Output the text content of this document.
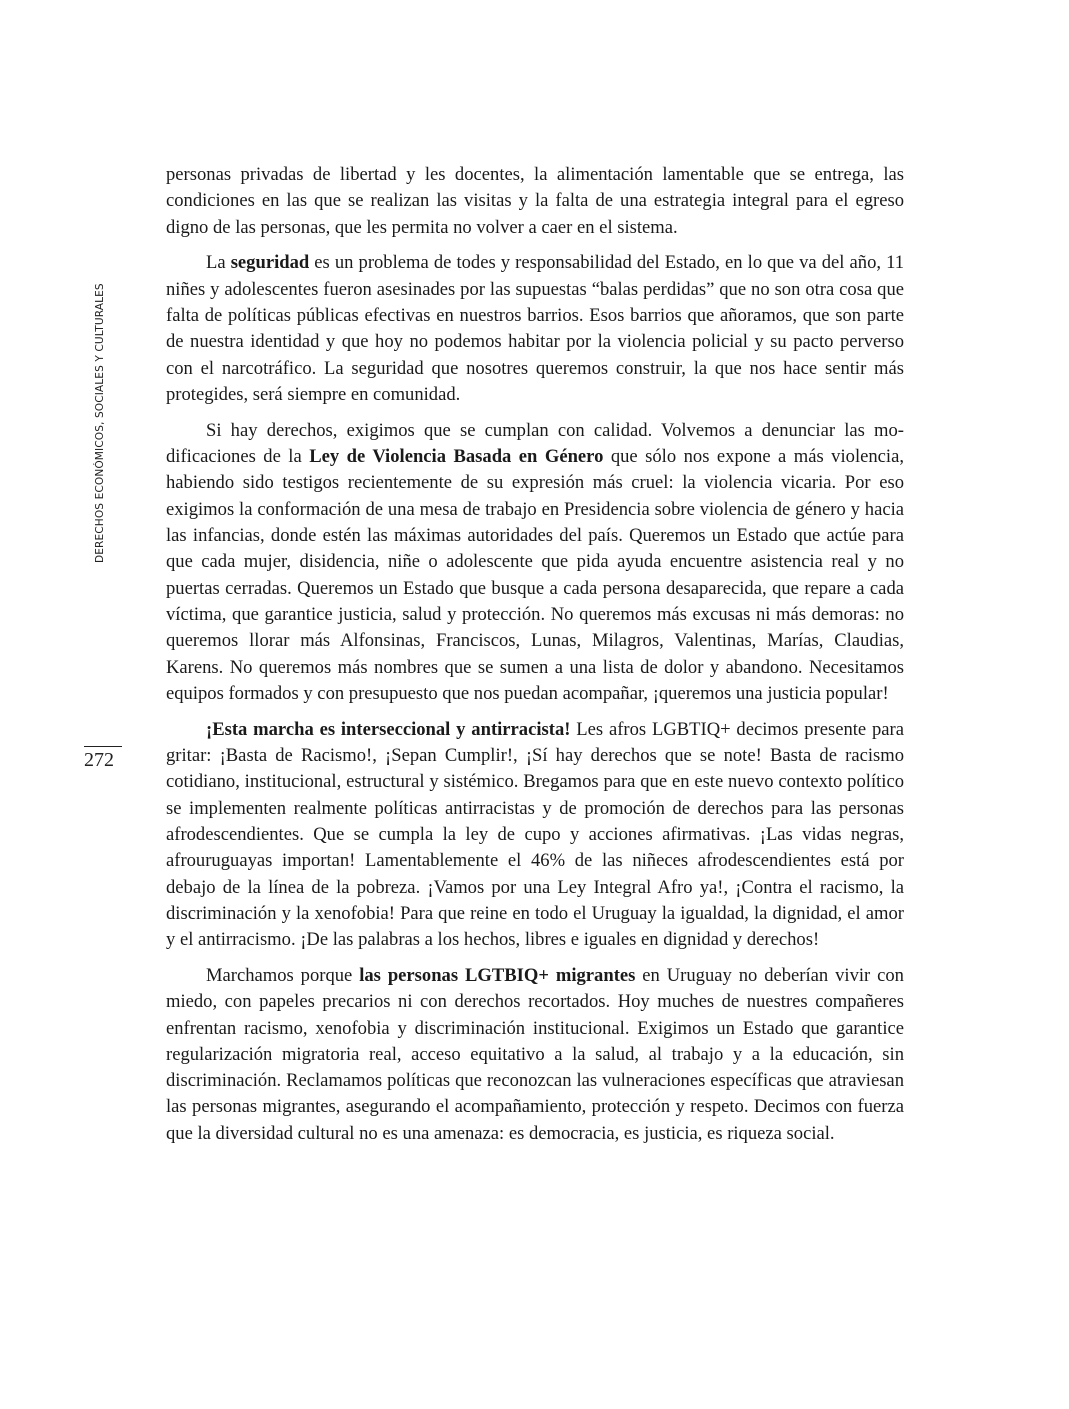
DERECHOS ECONÓMICOS, SOCIALES Y CULTURALES
272

personas privadas de libertad y les docentes, la alimentación lamentable que se entrega, las condiciones en las que se realizan las visitas y la falta de una estrategia integral para el egreso digno de las personas, que les permita no volver a caer en el sistema.

La seguridad es un problema de todes y responsabilidad del Estado, en lo que va del año, 11 niñes y adolescentes fueron asesinades por las supuestas “balas perdidas” que no son otra cosa que falta de políticas públicas efectivas en nuestros barrios. Esos barrios que añoramos, que son parte de nuestra identidad y que hoy no podemos habitar por la violencia policial y su pacto perverso con el narcotráfico. La seguridad que nosotres queremos construir, la que nos hace sentir más protegides, será siempre en comunidad.

Si hay derechos, exigimos que se cumplan con calidad. Volvemos a denunciar las modificaciones de la Ley de Violencia Basada en Género que sólo nos expone a más violencia, habiendo sido testigos recientemente de su expresión más cruel: la violencia vicaria. Por eso exigimos la conformación de una mesa de trabajo en Presidencia sobre violencia de género y hacia las infancias, donde estén las máximas autoridades del país. Queremos un Estado que actúe para que cada mujer, disidencia, niñe o adolescente que pida ayuda encuentre asistencia real y no puertas cerradas. Queremos un Estado que busque a cada persona desaparecida, que repare a cada víctima, que garantice justicia, salud y protección. No queremos más excusas ni más demoras: no queremos llorar más Alfonsinas, Franciscos, Lunas, Milagros, Valentinas, Marías, Claudias, Karens. No queremos más nombres que se sumen a una lista de dolor y abandono. Necesitamos equipos formados y con presupuesto que nos puedan acompañar, ¡queremos una justicia popular!

¡Esta marcha es interseccional y antirracista! Les afros LGBTIQ+ decimos presente para gritar: ¡Basta de Racismo!, ¡Sepan Cumplir!, ¡Sí hay derechos que se note! Basta de racismo cotidiano, institucional, estructural y sistémico. Bregamos para que en este nuevo contexto político se implementen realmente políticas antirracistas y de promoción de derechos para las personas afrodescendientes. Que se cumpla la ley de cupo y acciones afirmativas. ¡Las vidas negras, afrouruguayas importan! Lamentablemente el 46% de las niñeces afrodescendientes está por debajo de la línea de la pobreza. ¡Vamos por una Ley Integral Afro ya!, ¡Contra el racismo, la discriminación y la xenofobia! Para que reine en todo el Uruguay la igualdad, la dignidad, el amor y el antirracismo. ¡De las palabras a los hechos, libres e iguales en dignidad y derechos!

Marchamos porque las personas LGTBIQ+ migrantes en Uruguay no deberían vivir con miedo, con papeles precarios ni con derechos recortados. Hoy muches de nuestres compañeres enfrentan racismo, xenofobia y discriminación institucional. Exigimos un Estado que garantice regularización migratoria real, acceso equitativo a la salud, al trabajo y a la educación, sin discriminación. Reclamamos políticas que reconozcan las vulneraciones específicas que atraviesan las personas migrantes, asegurando el acompañamiento, protección y respeto. Decimos con fuerza que la diversidad cultural no es una amenaza: es democracia, es justicia, es riqueza social.
